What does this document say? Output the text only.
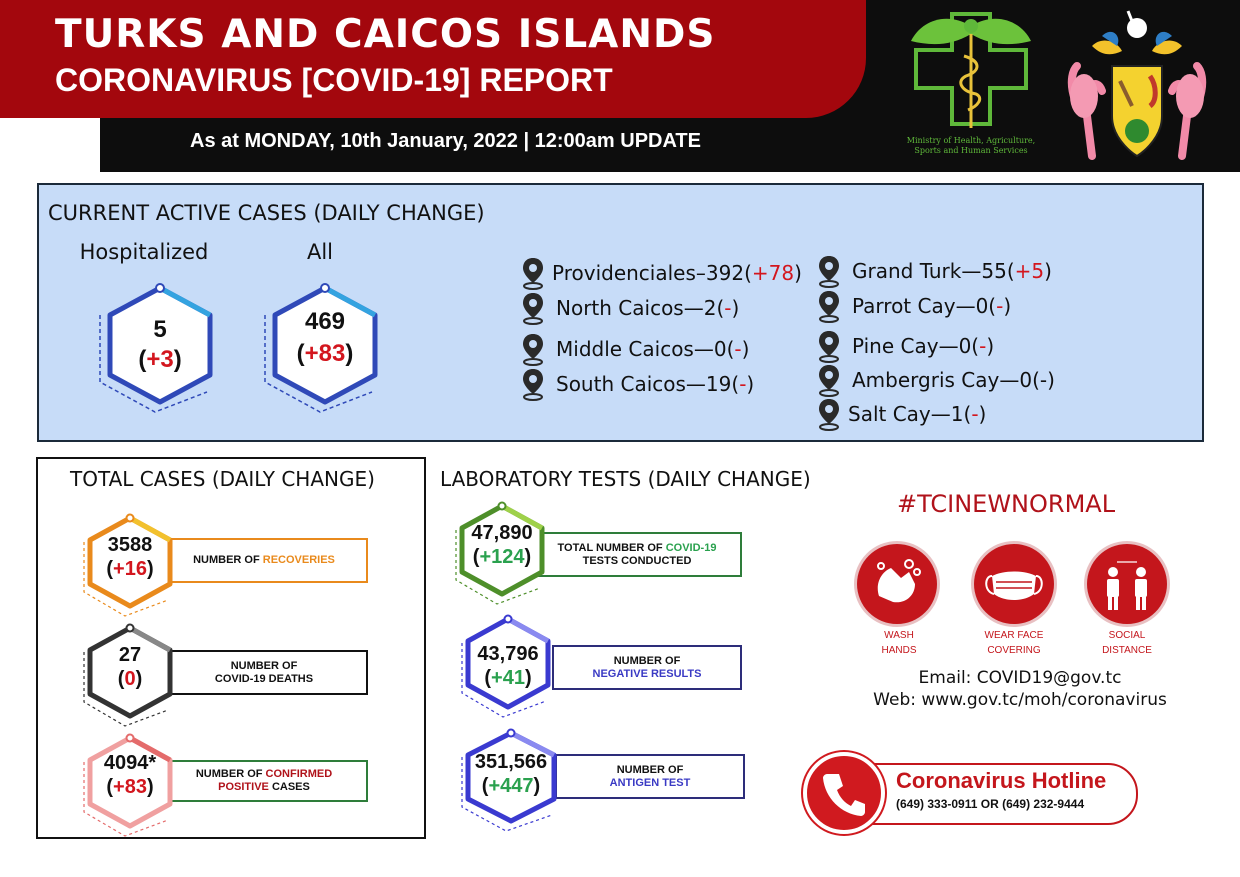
TURKS AND CAICOS ISLANDS
CORONAVIRUS [COVID-19] REPORT
As at MONDAY, 10th January, 2022 | 12:00am UPDATE	Ministry of Health, Agriculture,
Sports and Human Services
CURRENT ACTIVE CASES (DAILY CHANGE)
Hospitalized	All
5
(+3)
469
(+83)
Providenciales–392 ( +78 )
North Caicos—2 ( - )
Middle Caicos—0 ( - )
South Caicos—19 ( - )
Grand Turk—55 ( +5 )
Parrot Cay—0 ( - )
Pine Cay—0 ( - )
Ambergris Cay—0 ( - )
Salt Cay—1 ( - )
TOTAL CASES (DAILY CHANGE)
NUMBER OF RECOVERIES
3588
(+16)
NUMBER OF
COVID-19 DEATHS
27
(0)
NUMBER OF CONFIRMED
POSITIVE CASES
4094*
(+83)
LABORATORY TESTS (DAILY CHANGE)
TOTAL NUMBER OF COVID-19
TESTS CONDUCTED
47,890
(+124)
NUMBER OF
NEGATIVE RESULTS
43,796
(+41)
NUMBER OF
ANTIGEN TEST
351,566
(+447)
#TCINEWNORMAL
WASH
HANDS
WEAR FACE
COVERING
SOCIAL
DISTANCE
Email: COVID19@gov.tc
Web: www.gov.tc/moh/coronavirus
Coronavirus Hotline
(649) 333-0911 OR (649) 232-9444
